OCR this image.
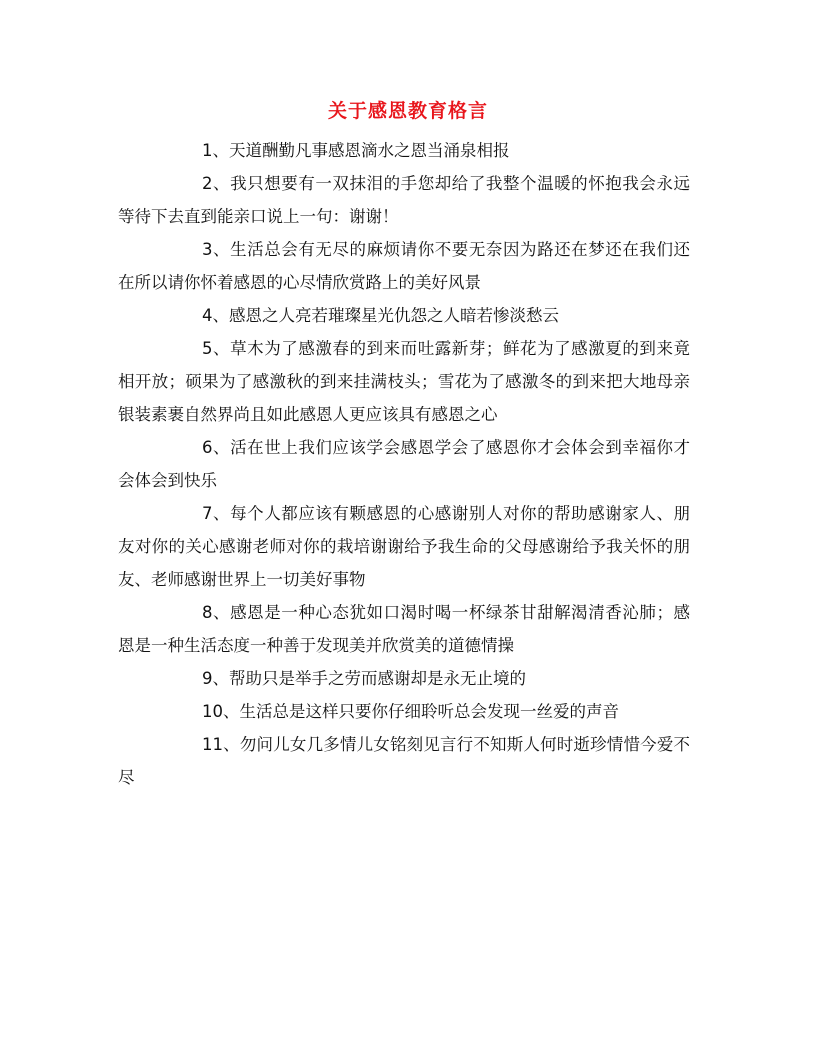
关于感恩教育格言

1、天道酬勤凡事感恩滴水之恩当涌泉相报

2、我只想要有一双抹泪的手您却给了我整个温暖的怀抱我会永远等待下去直到能亲口说上一句：谢谢！

3、生活总会有无尽的麻烦请你不要无奈因为路还在梦还在我们还在所以请你怀着感恩的心尽情欣赏路上的美好风景

4、感恩之人亮若璀璨星光仇怨之人暗若惨淡愁云

5、草木为了感激春的到来而吐露新芽；鲜花为了感激夏的到来竟相开放；硕果为了感激秋的到来挂满枝头；雪花为了感激冬的到来把大地母亲银装素裹自然界尚且如此感恩人更应该具有感恩之心

6、活在世上我们应该学会感恩学会了感恩你才会体会到幸福你才会体会到快乐

7、每个人都应该有颗感恩的心感谢别人对你的帮助感谢家人、朋友对你的关心感谢老师对你的栽培谢谢给予我生命的父母感谢给予我关怀的朋友、老师感谢世界上一切美好事物

8、感恩是一种心态犹如口渴时喝一杯绿茶甘甜解渴清香沁肺；感恩是一种生活态度一种善于发现美并欣赏美的道德情操

9、帮助只是举手之劳而感谢却是永无止境的

10、生活总是这样只要你仔细聆听总会发现一丝爱的声音

11、勿问儿女几多情儿女铭刻见言行不知斯人何时逝珍情惜今爱不尽
